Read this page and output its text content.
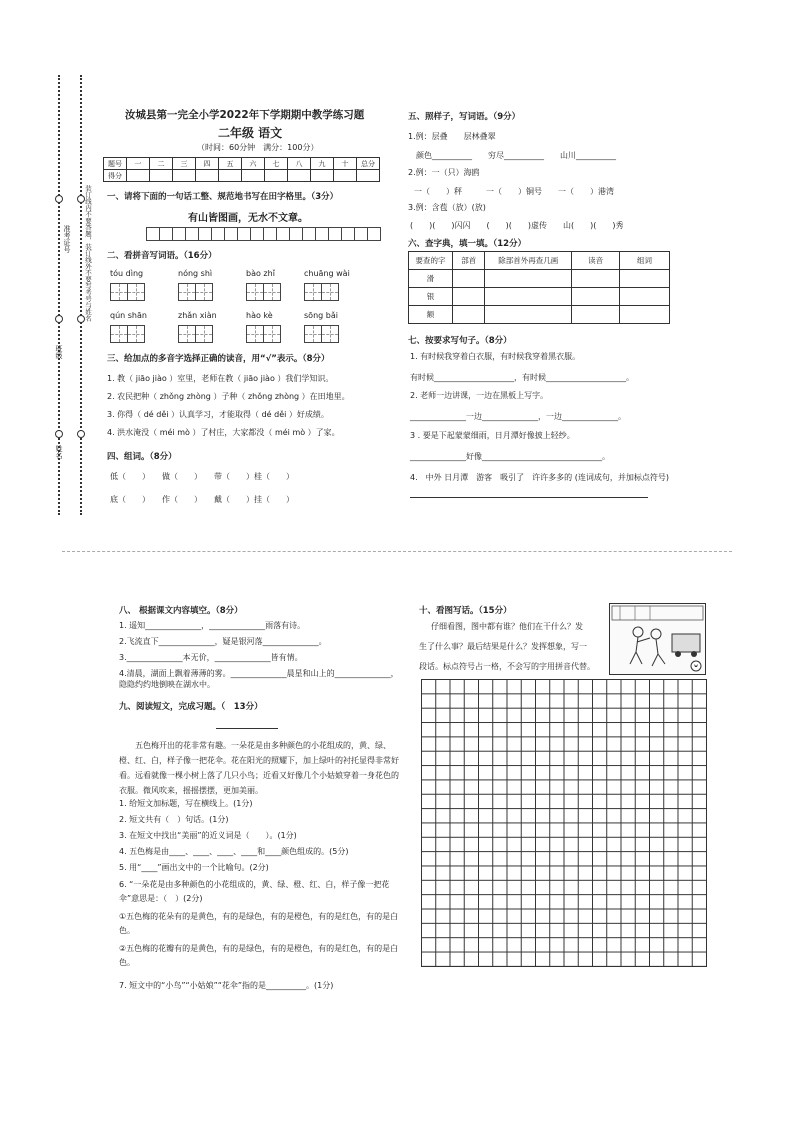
准考证号
班级
姓名
装订线内不要答题，装订线外不要写考号与姓名
汝城县第一完全小学2022年下学期期中教学练习题
二年级 语文
（时间：60分钟　满分：100分）
题号	一	二	三	四	五	六	七	八	九	十	总分
得分											
一、请将下面的一句话工整、规范地书写在田字格里。（3分）
有山皆图画，无水不文章。
二、看拼音写词语。（16分）
tóu dìng	nóng shì	bào zhǐ	chuāng wài
qún shān	zhǎn xiàn	hào kè	sōng bǎi
三、给加点的多音字选择正确的读音，用“√”表示。（8分）
1. 教（ jiāo jiào ）室里，老师在教（ jiāo jiào ）我们学知识。
2. 农民把种（ zhǒng zhòng ）子种（ zhǒng zhòng ）在田地里。
3. 你得（ dé děi ）认真学习，才能取得（ dé děi ）好成绩。
4. 洪水淹没（ méi mò ）了村庄，大家都没（ méi mò ）了家。
四、组词。（8分）
低（　　）　　做（　　）　　带（　　）桂（　　）
底（　　）　　作（　　）　　戴（　　）挂（　　）
五、照样子，写词语。（9分）
1.例：层叠　　层林叠翠
颜色__________　　穷尽__________　　山川__________
2.例：一（只）海鸥
一（　　）秤　　　一（　　）铜号　　一（　　）港湾
3.例：含苞（放）(放)
(　　)(　　)闪闪　　(　　)(　　)虚传　　山(　　)(　　)秀
六、查字典，填一填。（12分）
要查的字	部首	除部首外再查几画	读音	组词
滑				
银				
额				
七、按要求写句子。（8分）
1. 有时候我穿着白衣服，有时候我穿着黑衣服。
有时候____________________，有时候____________________。
2. 老师一边讲课，一边在黑板上写字。
______________一边______________，一边______________。
3 . 要是下起蒙蒙细雨，日月潭好像披上轻纱。
______________好像______________________________。
4.　中外 日月潭　游客　吸引了　许许多多的 (连词成句，并加标点符号)
八、 根据课文内容填空。（8分）
1. 遥知______________，______________雨落有诗。
2.飞流直下______________，疑是银河落______________。
3.______________本无价，______________皆有情。
4.清晨，湖面上飘着薄薄的雾。______________晨星和山上的______________，隐隐约约地倒映在湖水中。
九、阅读短文，完成习题。（　13分）
五色梅开出的花非常有趣。一朵花是由多种颜色的小花组成的，黄、绿、橙、红、白，样子像一把花伞。花在阳光的照耀下，加上绿叶的衬托显得非常好看。远看就像一棵小树上落了几只小鸟；近看又好像几个小姑娘穿着一身花色的衣服。微风吹来，摇摇摆摆，更加美丽。
1. 给短文加标题，写在横线上。(1分)
2. 短文共有（　）句话。(1分)
3. 在短文中找出“美丽”的近义词是（　　）。(1分)
4. 五色梅是由____、____、____、____和____颜色组成的。(5分)
5. 用“____”画出文中的一个比喻句。(2分)
6. “一朵花是由多种颜色的小花组成的，黄、绿、橙、红、白，样子像一把花伞”意思是：（　）(2分)
①五色梅的花朵有的是黄色，有的是绿色，有的是橙色，有的是红色，有的是白色。
②五色梅的花瓣有的是黄色，有的是绿色，有的是橙色，有的是红色，有的是白色。
7. 短文中的“小鸟”“小姑娘”“花伞”指的是__________。(1分)
十、看图写话。（15分）
仔细看图，图中都有谁？他们在干什么？发
生了什么事？最后结果是什么？发挥想象，写一
段话。标点符号占一格，不会写的字用拼音代替。
